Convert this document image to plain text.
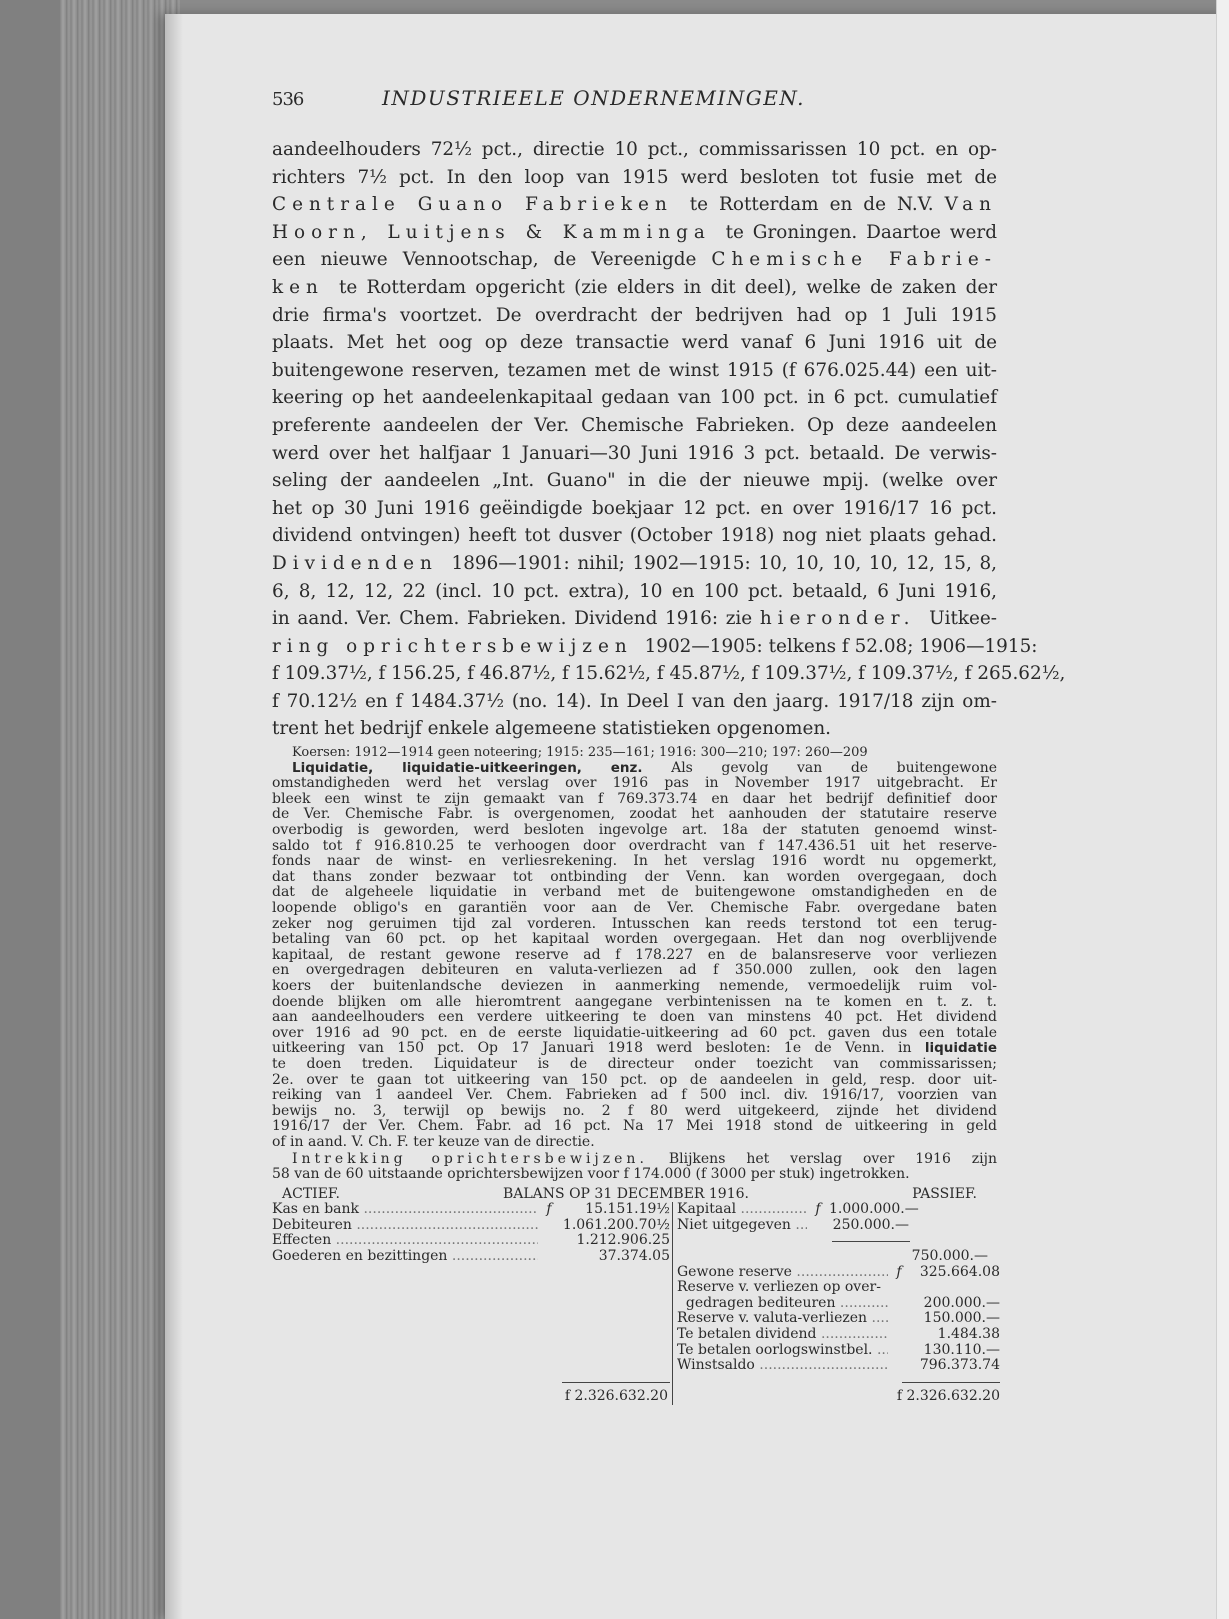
536	INDUSTRIEELE ONDERNEMINGEN.
aandeelhouders 72½ pct., directie 10 pct., commissarissen 10 pct. en op-
richters 7½ pct. In den loop van 1915 werd besloten tot fusie met de
Centrale Guano Fabrieken te Rotterdam en de N.V. Van
Hoorn, Luitjens & Kamminga te Groningen. Daartoe werd
een nieuwe Vennootschap, de Vereenigde Chemische Fabrie-
ken te Rotterdam opgericht (zie elders in dit deel), welke de zaken der
drie firma's voortzet. De overdracht der bedrijven had op 1 Juli 1915
plaats. Met het oog op deze transactie werd vanaf 6 Juni 1916 uit de
buitengewone reserven, tezamen met de winst 1915 (f 676.025.44) een uit-
keering op het aandeelenkapitaal gedaan van 100 pct. in 6 pct. cumulatief
preferente aandeelen der Ver. Chemische Fabrieken. Op deze aandeelen
werd over het halfjaar 1 Januari—30 Juni 1916 3 pct. betaald. De verwis-
seling der aandeelen „Int. Guano" in die der nieuwe mpij. (welke over
het op 30 Juni 1916 geëindigde boekjaar 12 pct. en over 1916/17 16 pct.
dividend ontvingen) heeft tot dusver (October 1918) nog niet plaats gehad.
Dividenden 1896—1901: nihil; 1902—1915: 10, 10, 10, 10, 12, 15, 8,
6, 8, 12, 12, 22 (incl. 10 pct. extra), 10 en 100 pct. betaald, 6 Juni 1916,
in aand. Ver. Chem. Fabrieken. Dividend 1916: zie hieronder. Uitkee-
ring oprichtersbewijzen 1902—1905: telkens f 52.08; 1906—1915:
f 109.37½, f 156.25, f 46.87½, f 15.62½, f 45.87½, f 109.37½, f 109.37½, f 265.62½,
f 70.12½ en f 1484.37½ (no. 14). In Deel I van den jaarg. 1917/18 zijn om-
trent het bedrijf enkele algemeene statistieken opgenomen.
Koersen: 1912—1914 geen noteering; 1915: 235—161; 1916: 300—210; 197: 260—209
Liquidatie, liquidatie-uitkeeringen, enz. Als gevolg van de buitengewone
omstandigheden werd het verslag over 1916 pas in November 1917 uitgebracht. Er
bleek een winst te zijn gemaakt van f 769.373.74 en daar het bedrijf definitief door
de Ver. Chemische Fabr. is overgenomen, zoodat het aanhouden der statutaire reserve
overbodig is geworden, werd besloten ingevolge art. 18a der statuten genoemd winst-
saldo tot f 916.810.25 te verhoogen door overdracht van f 147.436.51 uit het reserve-
fonds naar de winst- en verliesrekening. In het verslag 1916 wordt nu opgemerkt,
dat thans zonder bezwaar tot ontbinding der Venn. kan worden overgegaan, doch
dat de algeheele liquidatie in verband met de buitengewone omstandigheden en de
loopende obligo's en garantiën voor aan de Ver. Chemische Fabr. overgedane baten
zeker nog geruimen tijd zal vorderen. Intusschen kan reeds terstond tot een terug-
betaling van 60 pct. op het kapitaal worden overgegaan. Het dan nog overblijvende
kapitaal, de restant gewone reserve ad f 178.227 en de balansreserve voor verliezen
en overgedragen debiteuren en valuta-verliezen ad f 350.000 zullen, ook den lagen
koers der buitenlandsche deviezen in aanmerking nemende, vermoedelijk ruim vol-
doende blijken om alle hieromtrent aangegane verbintenissen na te komen en t. z. t.
aan aandeelhouders een verdere uitkeering te doen van minstens 40 pct. Het dividend
over 1916 ad 90 pct. en de eerste liquidatie-uitkeering ad 60 pct. gaven dus een totale
uitkeering van 150 pct. Op 17 Januari 1918 werd besloten: 1e de Venn. in liquidatie
te doen treden. Liquidateur is de directeur onder toezicht van commissarissen;
2e. over te gaan tot uitkeering van 150 pct. op de aandeelen in geld, resp. door uit-
reiking van 1 aandeel Ver. Chem. Fabrieken ad f 500 incl. div. 1916/17, voorzien van
bewijs no. 3, terwijl op bewijs no. 2 f 80 werd uitgekeerd, zijnde het dividend
1916/17 der Ver. Chem. Fabr. ad 16 pct. Na 17 Mei 1918 stond de uitkeering in geld
of in aand. V. Ch. F. ter keuze van de directie.
Intrekking oprichtersbewijzen. Blijkens het verslag over 1916 zijn
58 van de 60 uitstaande oprichtersbewijzen voor f 174.000 (f 3000 per stuk) ingetrokken.
ACTIEF.	BALANS OP 31 DECEMBER 1916.	PASSIEF.
Kas en bank .....	f	15.151.19½
Debiteuren .....	1.061.200.70½
Effecten .....	1.212.906.25
Goederen en bezittingen .....	37.374.05
f 2.326.632.20
Kapitaal .....	f 1.000.000.—
Niet uitgegeven .....	250.000.—
750.000.—
Gewone reserve .....	f	325.664.08
Reserve v. verliezen op over-
gedragen bediteuren .....	200.000.—
Reserve v. valuta-verliezen .....	150.000.—
Te betalen dividend .....	1.484.38
Te betalen oorlogswinstbel. .....	130.110.—
Winstsaldo .....	796.373.74
f 2.326.632.20
